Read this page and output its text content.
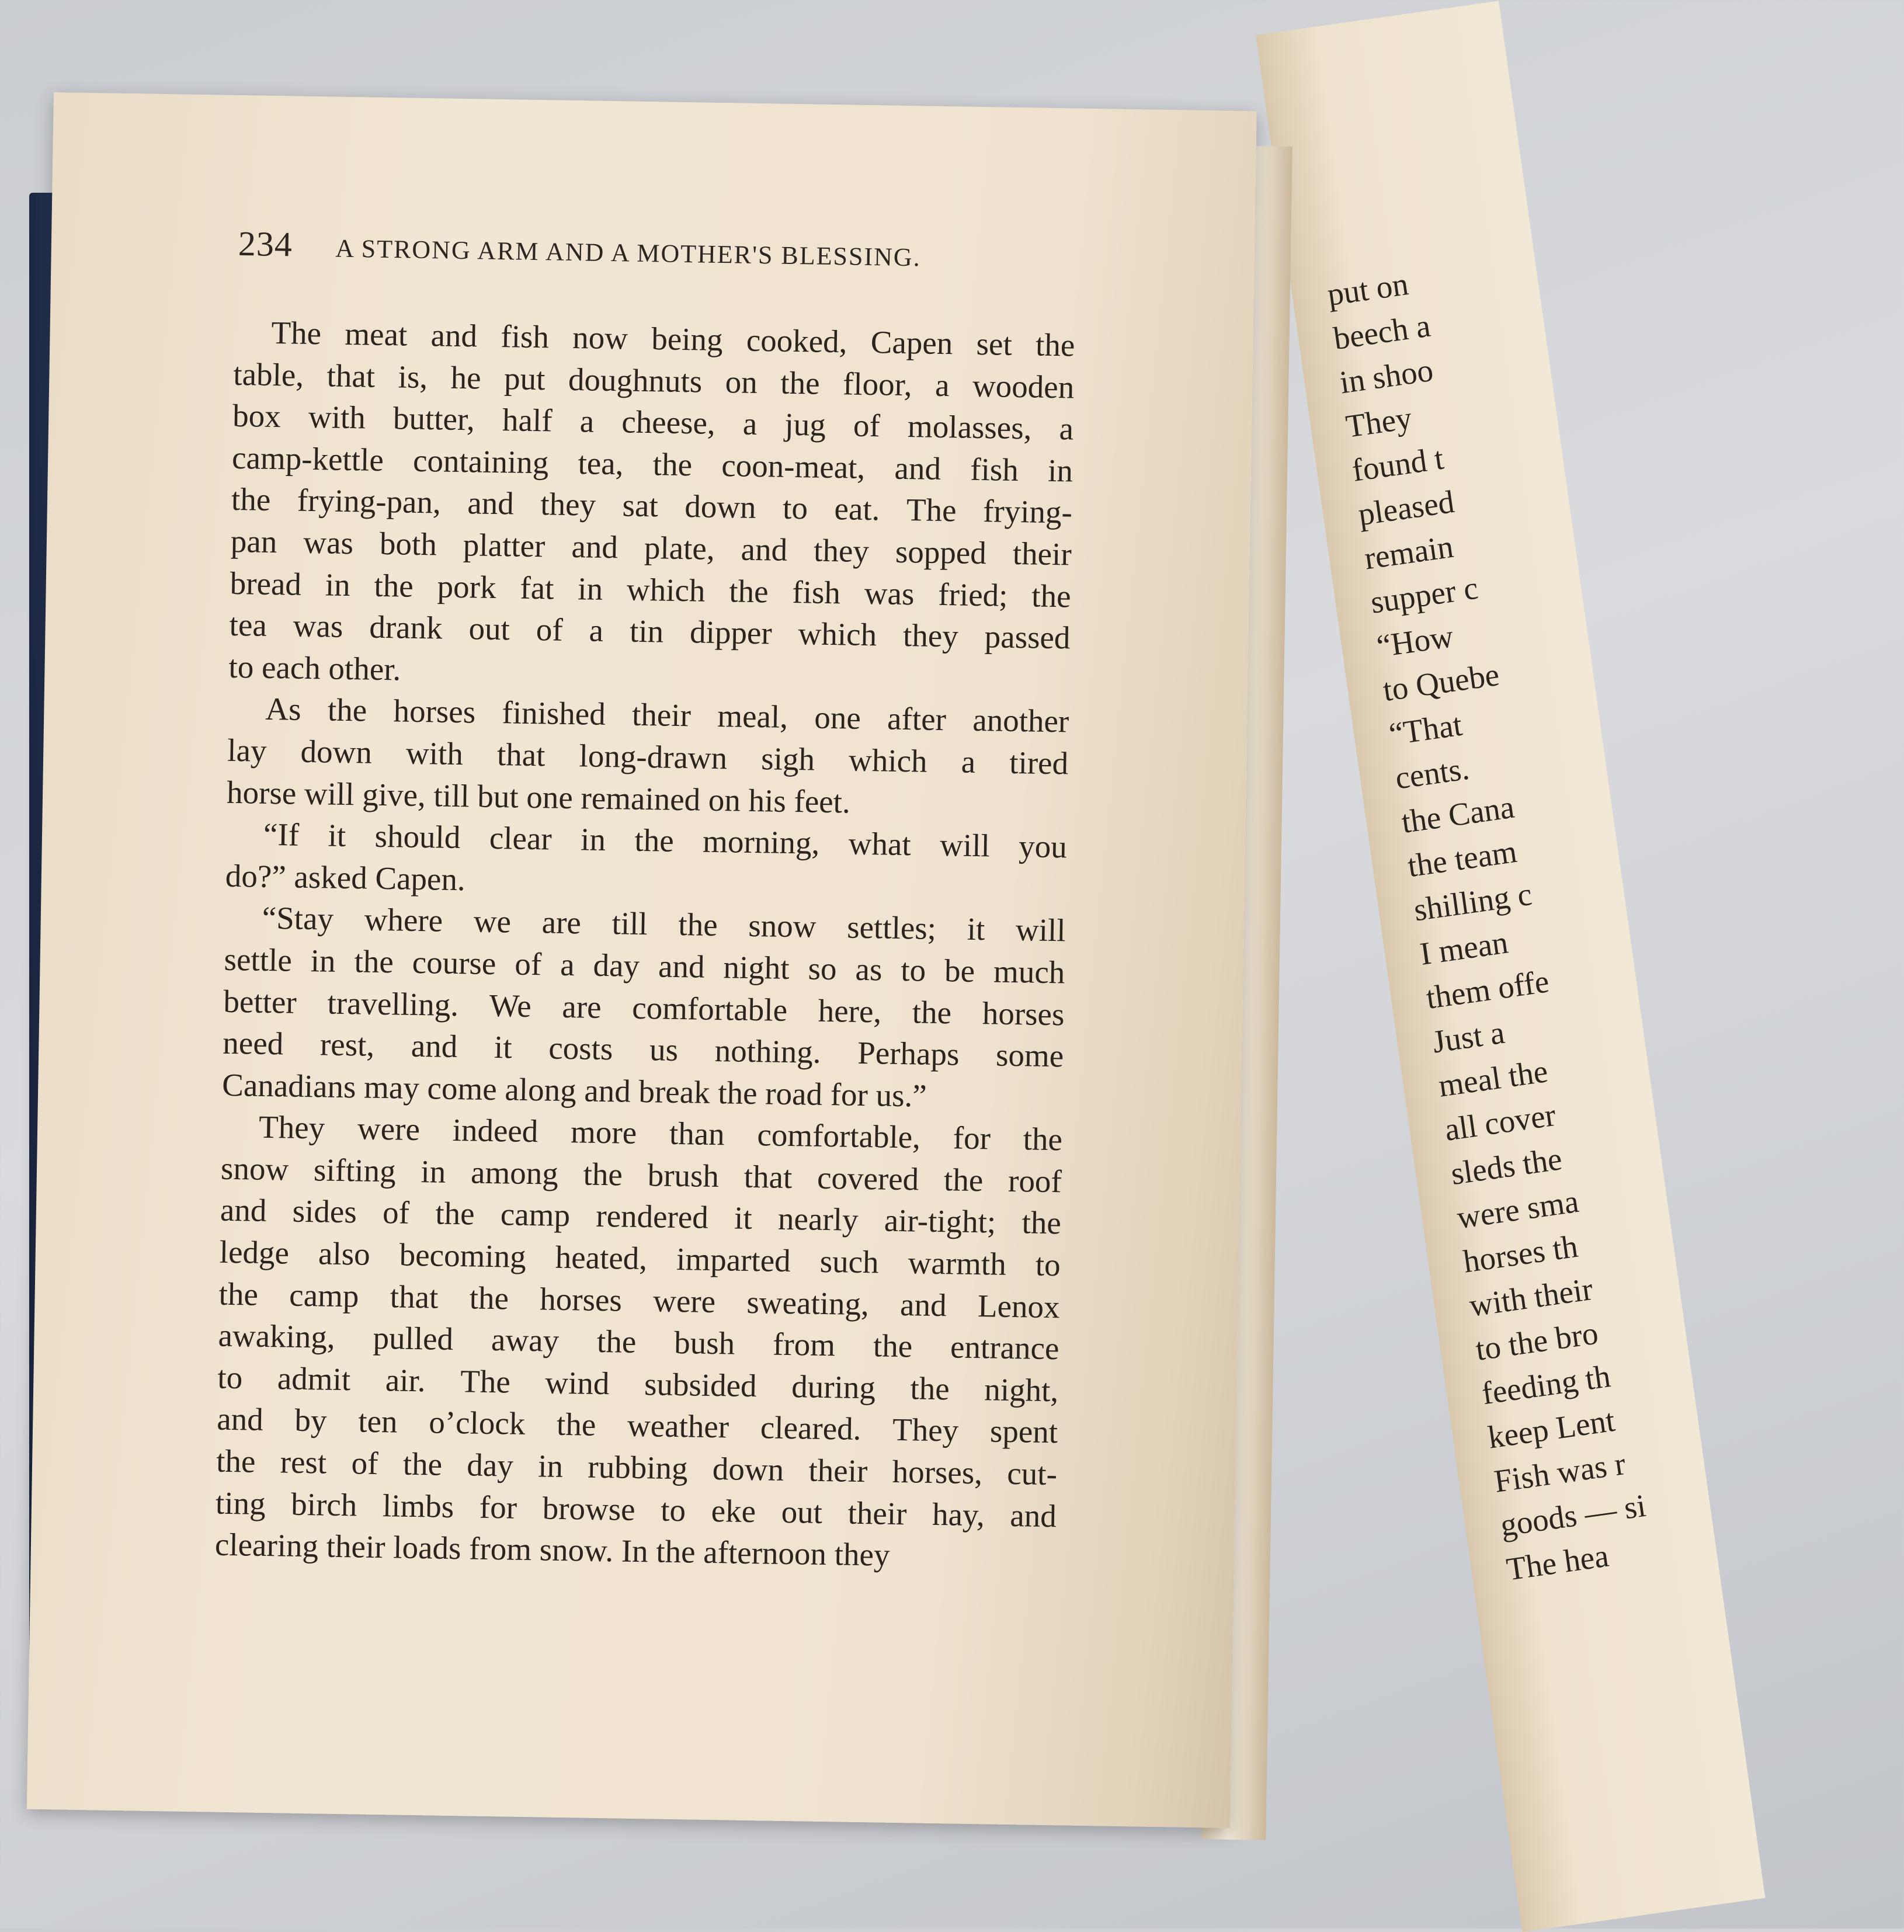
put on
beech a
in shoo
They
found t
pleased
remain
supper c
“How
to Quebe
“That
cents.
the Cana
the team
shilling c
I mean
them offe
Just a
meal the
all cover
sleds the
were sma
horses th
with their
to the bro
feeding th
keep Lent
Fish was r
goods — si
The hea
234 A STRONG ARM AND A MOTHER'S BLESSING.
The meat and fish now being cooked, Capen set the
table, that is, he put doughnuts on the floor, a wooden
box with butter, half a cheese, a jug of molasses, a
camp-kettle containing tea, the coon-meat, and fish in
the frying-pan, and they sat down to eat. The frying-
pan was both platter and plate, and they sopped their
bread in the pork fat in which the fish was fried; the
tea was drank out of a tin dipper which they passed
to each other.
As the horses finished their meal, one after another
lay down with that long-drawn sigh which a tired
horse will give, till but one remained on his feet.
“If it should clear in the morning, what will you
do?” asked Capen.
“Stay where we are till the snow settles; it will
settle in the course of a day and night so as to be much
better travelling. We are comfortable here, the horses
need rest, and it costs us nothing. Perhaps some
Canadians may come along and break the road for us.”
They were indeed more than comfortable, for the
snow sifting in among the brush that covered the roof
and sides of the camp rendered it nearly air-tight; the
ledge also becoming heated, imparted such warmth to
the camp that the horses were sweating, and Lenox
awaking, pulled away the bush from the entrance
to admit air. The wind subsided during the night,
and by ten o’clock the weather cleared. They spent
the rest of the day in rubbing down their horses, cut-
ting birch limbs for browse to eke out their hay, and
clearing their loads from snow. In the afternoon they
